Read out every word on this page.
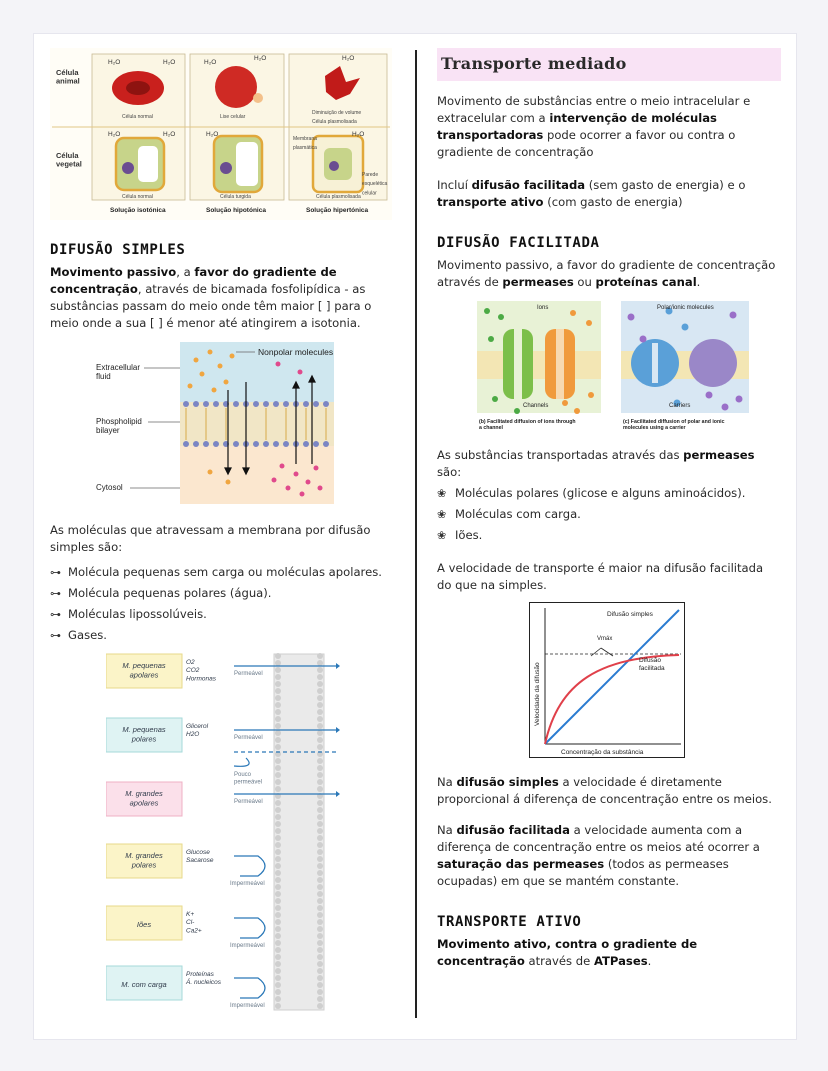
Célula animal
Célula vegetal
H₂O	H₂O	H₂O
H₂O	H₂O
H₂O	H₂O	H₂O	H₂O
Célula normal	Lise celular
Diminuição de volume Célula plasmolisada
Célula normal	Célula turgida	Célula plasmolisada
Membrana plasmática
Parede esquelética celular
Solução isotónica	Solução hipotónica	Solução hipertónica
DIFUSÃO SIMPLES

Movimento passivo, a favor do gradiente de concentração, através de bicamada fosfolipídica - as substâncias passam do meio onde têm maior [ ] para o meio onde a sua [ ] é menor até atingirem a isotonia.

Nonpolar molecules
Extracellular fluid
Phospholipid bilayer
Cytosol

As moléculas que atravessam a membrana por difusão simples são:

⊶ Molécula pequenas sem carga ou moléculas apolares.
⊶ Molécula pequenas polares (água).
⊶ Moléculas lipossolúveis.
⊶ Gases.
M. pequenas apolares
O2 CO2 Hormonas
Permeável
M. pequenas polares
Glicerol H2O	Permeável
Pouco permeável
M. grandes apolares	Permeável
M. grandes polares
Glucose Sacarose
Impermeável
Iões
K+ Cl-Ca2+
Impermeável
M. com carga
Proteínas Á. nucleicos
Impermeável
Transporte mediado

Movimento de substâncias entre o meio intracelular e extracelular com a intervenção de moléculas transportadoras pode ocorrer a favor ou contra o gradiente de concentração

Incluí difusão facilitada (sem gasto de energia) e o transporte ativo (com gasto de energia)

DIFUSÃO FACILITADA

Movimento passivo, a favor do gradiente de concentração através de permeases ou proteínas canal.

Ions
Channels
Polar/ionic molecules
Carriers
(b) Facilitated diffusion of ions through a channel
(c) Facilitated diffusion of polar and ionic molecules using a carrier

As substâncias transportadas através das permeases são:

❀ Moléculas polares (glicose e alguns aminoácidos).
❀ Moléculas com carga.
❀ Iões.

A velocidade de transporte é maior na difusão facilitada do que na simples.

Vmáx
Difusão simples
Difusão facilitada
Concentração da substância
Velocidade da difusão

Na difusão simples a velocidade é diretamente proporcional á diferença de concentração entre os meios.

Na difusão facilitada a velocidade aumenta com a diferença de concentração entre os meios até ocorrer a saturação das permeases (todos as permeases ocupadas) em que se mantém constante.

TRANSPORTE ATIVO

Movimento ativo, contra o gradiente de concentração através de ATPases.
